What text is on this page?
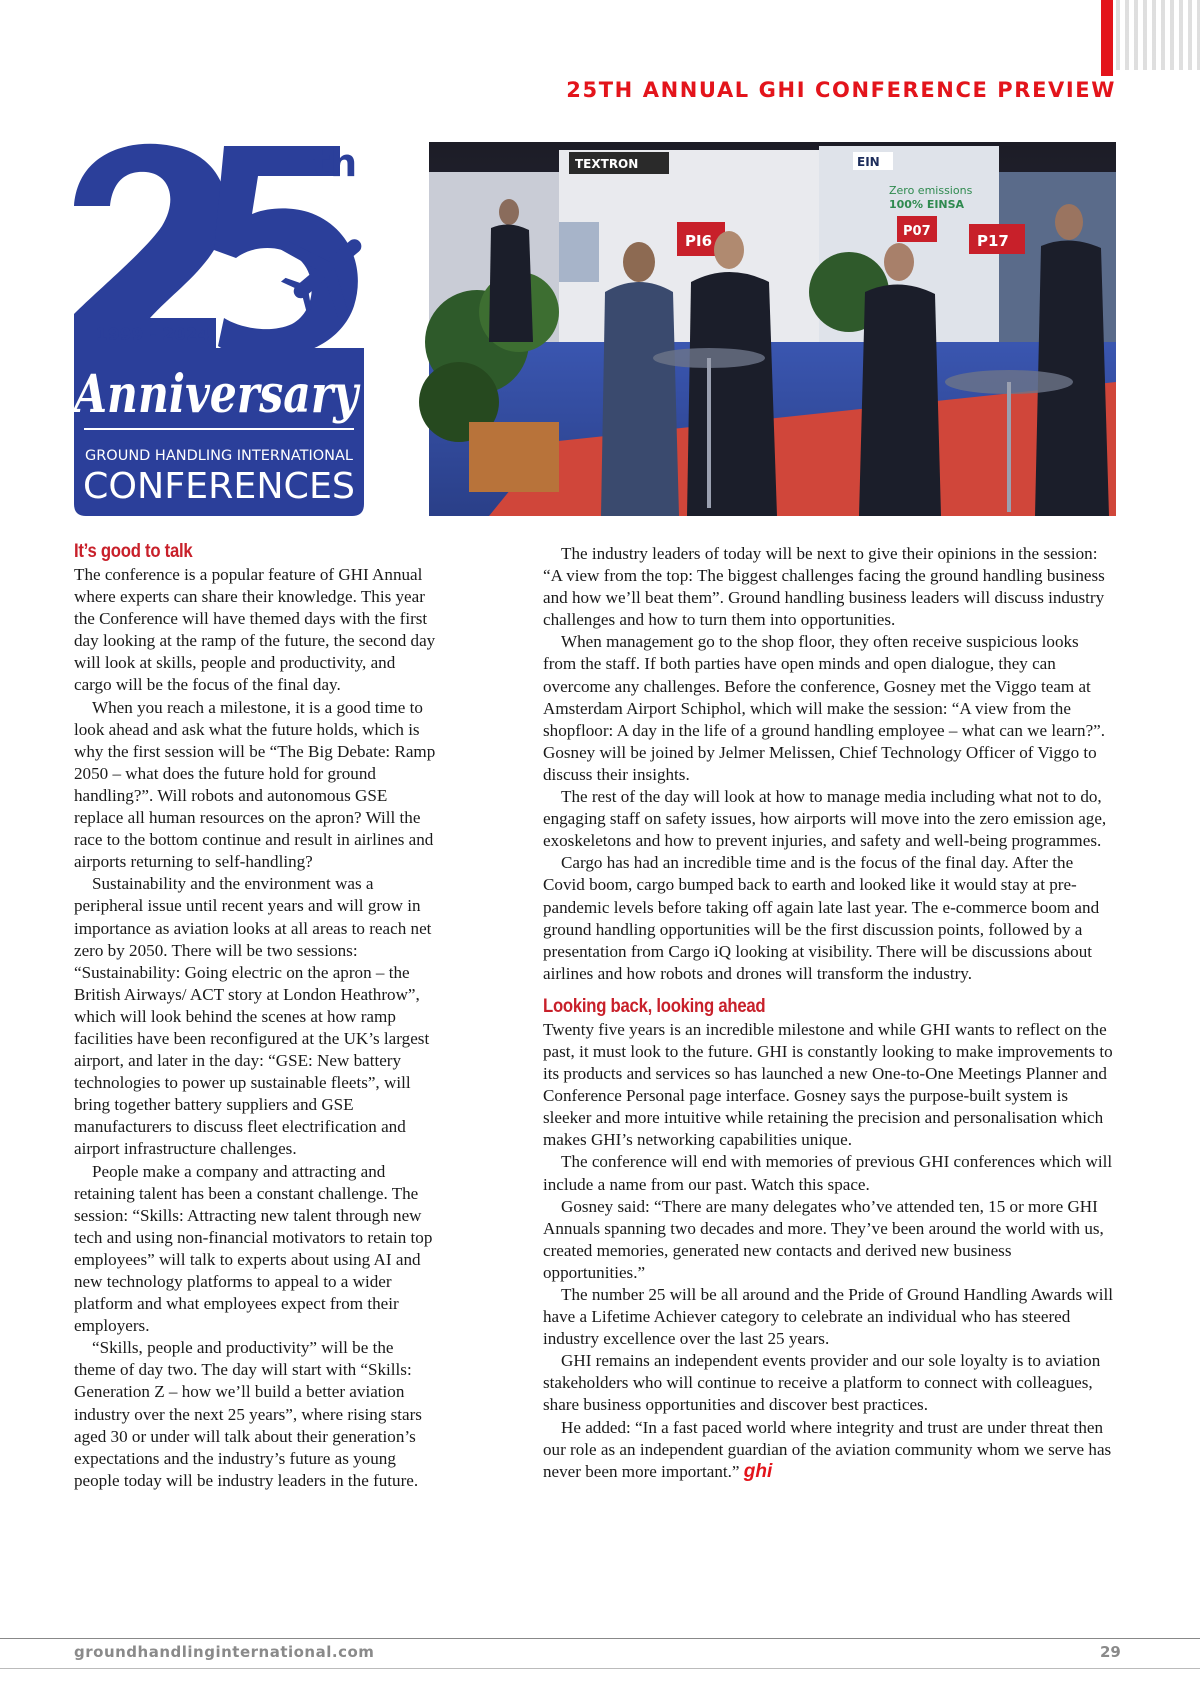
25TH ANNUAL GHI CONFERENCE PREVIEW
th
1999 - 2024
Anniversary
GROUND HANDLING INTERNATIONAL
CONFERENCES
TEXTRON	EIN
Zero emissions
100% EINSA
PI6
P07
P17
It’s good to talk

The conference is a popular feature of GHI Annual where experts can share their knowledge. This year the Conference will have themed days with the first day looking at the ramp of the future, the second day will look at skills, people and productivity, and cargo will be the focus of the final day.

When you reach a milestone, it is a good time to look ahead and ask what the future holds, which is why the first session will be “The Big Debate: Ramp 2050 – what does the future hold for ground handling?”. Will robots and autonomous GSE replace all human resources on the apron? Will the race to the bottom continue and result in airlines and airports returning to self-handling?

Sustainability and the environment was a peripheral issue until recent years and will grow in importance as aviation looks at all areas to reach net zero by 2050. There will be two sessions: “Sustainability: Going electric on the apron – the British Airways/ ACT story at London Heathrow”, which will look behind the scenes at how ramp facilities have been reconfigured at the UK’s largest airport, and later in the day: “GSE: New battery technologies to power up sustainable fleets”, will bring together battery suppliers and GSE manufacturers to discuss fleet electrification and airport infrastructure challenges.

People make a company and attracting and retaining talent has been a constant challenge. The session: “Skills: Attracting new talent through new tech and using non-financial motivators to retain top employees” will talk to experts about using AI and new technology platforms to appeal to a wider platform and what employees expect from their employers.

“Skills, people and productivity” will be the theme of day two. The day will start with “Skills: Generation Z – how we’ll build a better aviation industry over the next 25 years”, where rising stars aged 30 or under will talk about their generation’s expectations and the industry’s future as young people today will be industry leaders in the future.

The industry leaders of today will be next to give their opinions in the session: “A view from the top: The biggest challenges facing the ground handling business and how we’ll beat them”. Ground handling business leaders will discuss industry challenges and how to turn them into opportunities.

When management go to the shop floor, they often receive suspicious looks from the staff. If both parties have open minds and open dialogue, they can overcome any challenges. Before the conference, Gosney met the Viggo team at Amsterdam Airport Schiphol, which will make the session: “A view from the shopfloor: A day in the life of a ground handling employee – what can we learn?”. Gosney will be joined by Jelmer Melissen, Chief Technology Officer of Viggo to discuss their insights.

The rest of the day will look at how to manage media including what not to do, engaging staff on safety issues, how airports will move into the zero emission age, exoskeletons and how to prevent injuries, and safety and well-being programmes.

Cargo has had an incredible time and is the focus of the final day. After the Covid boom, cargo bumped back to earth and looked like it would stay at pre-pandemic levels before taking off again late last year. The e-commerce boom and ground handling opportunities will be the first discussion points, followed by a presentation from Cargo iQ looking at visibility. There will be discussions about airlines and how robots and drones will transform the industry.

Looking back, looking ahead

Twenty five years is an incredible milestone and while GHI wants to reflect on the past, it must look to the future. GHI is constantly looking to make improvements to its products and services so has launched a new One-to-One Meetings Planner and Conference Personal page interface. Gosney says the purpose-built system is sleeker and more intuitive while retaining the precision and personalisation which makes GHI’s networking capabilities unique.

The conference will end with memories of previous GHI conferences which will include a name from our past. Watch this space.

Gosney said: “There are many delegates who’ve attended ten, 15 or more GHI Annuals spanning two decades and more. They’ve been around the world with us, created memories, generated new contacts and derived new business opportunities.”

The number 25 will be all around and the Pride of Ground Handling Awards will have a Lifetime Achiever category to celebrate an individual who has steered industry excellence over the last 25 years.

GHI remains an independent events provider and our sole loyalty is to aviation stakeholders who will continue to receive a platform to connect with colleagues, share business opportunities and discover best practices.

He added: “In a fast paced world where integrity and trust are under threat then our role as an independent guardian of the aviation community whom we serve has never been more important.” ghi

groundhandlinginternational.com	29
